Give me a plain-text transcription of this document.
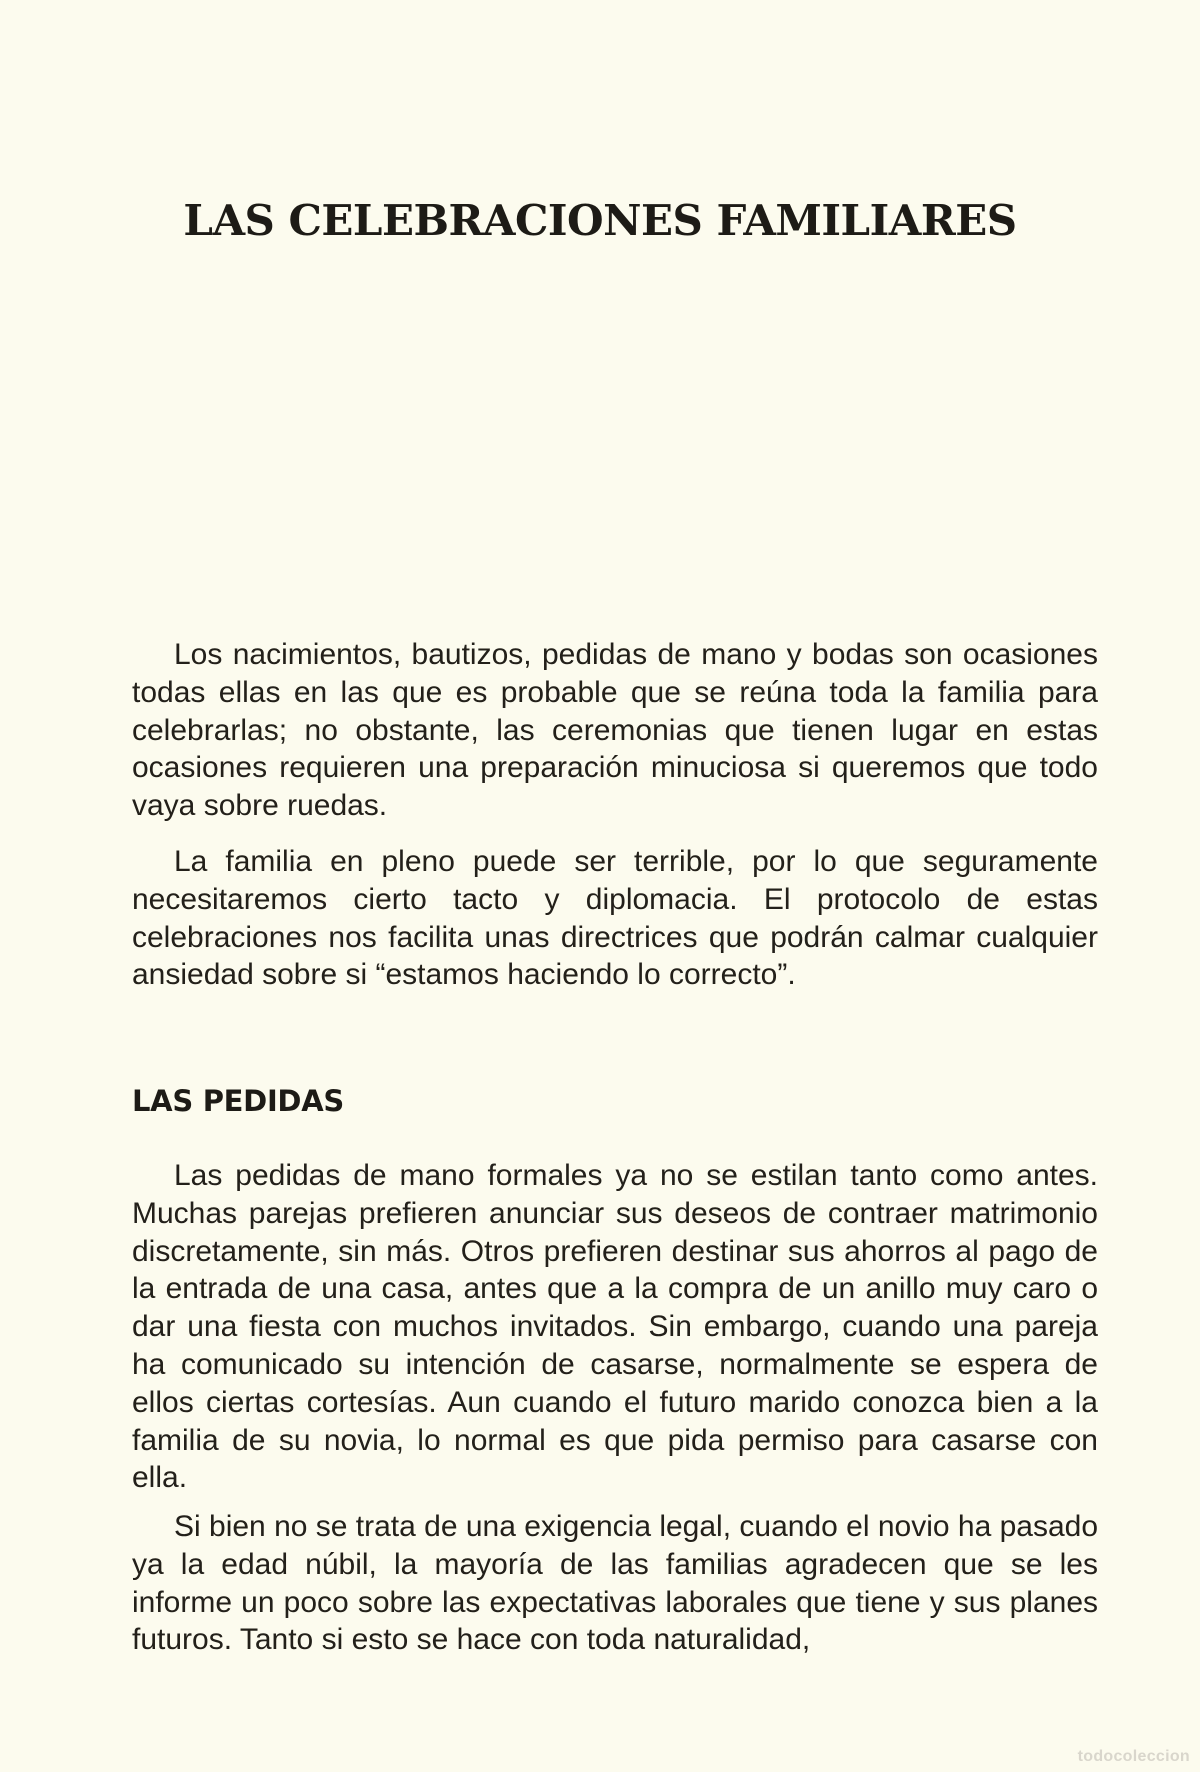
LAS CELEBRACIONES FAMILIARES

Los nacimientos, bautizos, pedidas de mano y bodas son ocasiones todas ellas en las que es probable que se reúna toda la familia para celebrarlas; no obstante, las ceremonias que tienen lugar en estas ocasiones requieren una preparación minuciosa si queremos que todo vaya sobre ruedas.

La familia en pleno puede ser terrible, por lo que seguramente necesitaremos cierto tacto y diplomacia. El protocolo de estas celebraciones nos facilita unas directrices que podrán calmar cualquier ansiedad sobre si “estamos haciendo lo correcto”.

LAS PEDIDAS

Las pedidas de mano formales ya no se estilan tanto como antes. Muchas parejas prefieren anunciar sus deseos de contraer matrimonio discretamente, sin más. Otros prefieren destinar sus ahorros al pago de la entrada de una casa, antes que a la compra de un anillo muy caro o dar una fiesta con muchos invitados. Sin embargo, cuando una pareja ha comunicado su intención de casarse, normalmente se espera de ellos ciertas cortesías. Aun cuando el futuro marido conozca bien a la familia de su novia, lo normal es que pida permiso para casarse con ella.

Si bien no se trata de una exigencia legal, cuando el novio ha pasado ya la edad núbil, la mayoría de las familias agradecen que se les informe un poco sobre las expectativas laborales que tiene y sus planes futuros. Tanto si esto se hace con toda naturalidad,

todocoleccion
